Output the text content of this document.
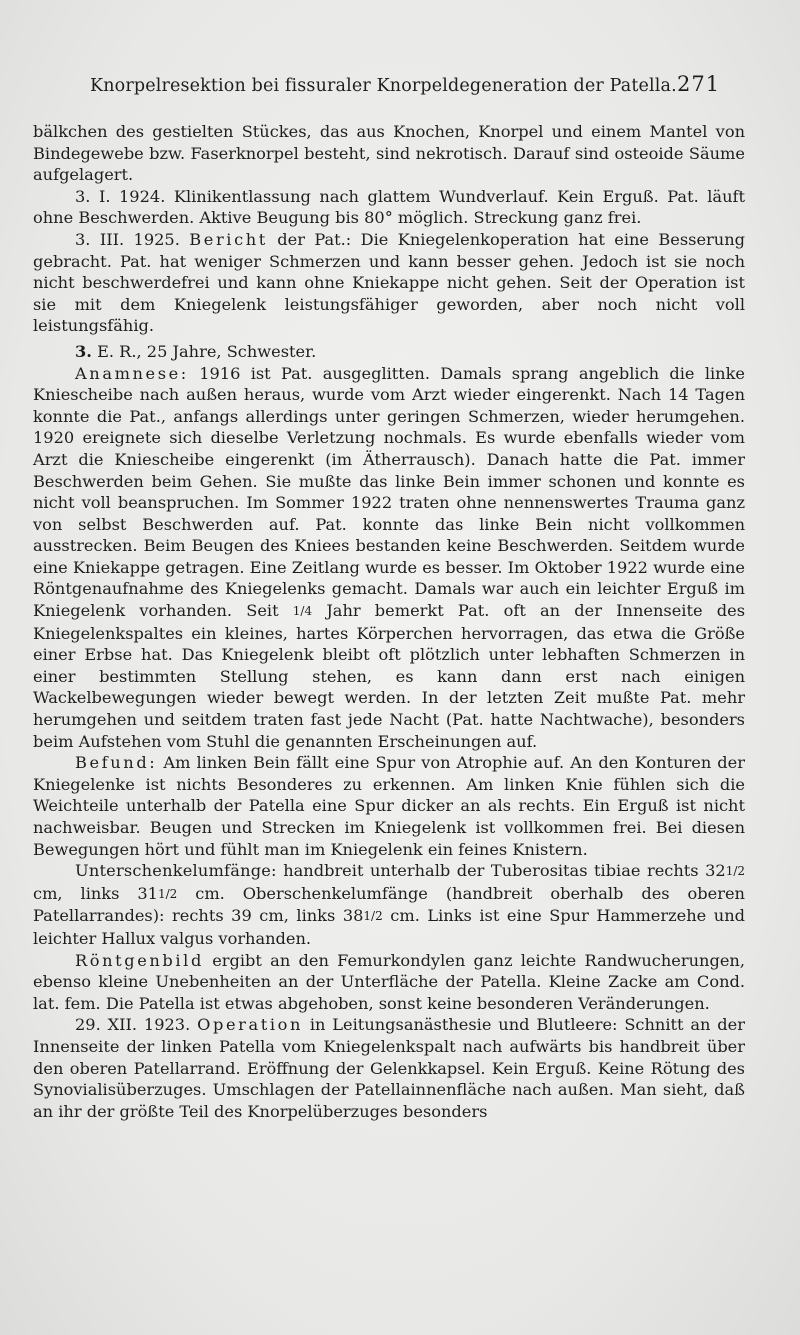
Knorpelresektion bei fissuraler Knorpeldegeneration der Patella. 271

bälkchen des gestielten Stückes, das aus Knochen, Knorpel und einem Mantel von Bindegewebe bzw. Faserknorpel besteht, sind nekrotisch. Darauf sind osteoide Säume aufgelagert.

3. I. 1924. Klinikentlassung nach glattem Wundverlauf. Kein Erguß. Pat. läuft ohne Beschwerden. Aktive Beugung bis 80° möglich. Streckung ganz frei.

3. III. 1925. Bericht der Pat.: Die Kniegelenkoperation hat eine Besserung gebracht. Pat. hat weniger Schmerzen und kann besser gehen. Jedoch ist sie noch nicht beschwerdefrei und kann ohne Kniekappe nicht gehen. Seit der Operation ist sie mit dem Kniegelenk leistungsfähiger geworden, aber noch nicht voll leistungsfähig.

3. E. R., 25 Jahre, Schwester.

Anamnese: 1916 ist Pat. ausgeglitten. Damals sprang angeblich die linke Kniescheibe nach außen heraus, wurde vom Arzt wieder eingerenkt. Nach 14 Tagen konnte die Pat., anfangs allerdings unter geringen Schmerzen, wieder herumgehen. 1920 ereignete sich dieselbe Verletzung nochmals. Es wurde ebenfalls wieder vom Arzt die Kniescheibe eingerenkt (im Ätherrausch). Danach hatte die Pat. immer Beschwerden beim Gehen. Sie mußte das linke Bein immer schonen und konnte es nicht voll beanspruchen. Im Sommer 1922 traten ohne nennenswertes Trauma ganz von selbst Beschwerden auf. Pat. konnte das linke Bein nicht vollkommen ausstrecken. Beim Beugen des Kniees bestanden keine Beschwerden. Seitdem wurde eine Kniekappe getragen. Eine Zeitlang wurde es besser. Im Oktober 1922 wurde eine Röntgenaufnahme des Kniegelenks gemacht. Damals war auch ein leichter Erguß im Kniegelenk vorhanden. Seit 1/4 Jahr bemerkt Pat. oft an der Innenseite des Kniegelenkspaltes ein kleines, hartes Körperchen hervorragen, das etwa die Größe einer Erbse hat. Das Kniegelenk bleibt oft plötzlich unter lebhaften Schmerzen in einer bestimmten Stellung stehen, es kann dann erst nach einigen Wackelbewegungen wieder bewegt werden. In der letzten Zeit mußte Pat. mehr herumgehen und seitdem traten fast jede Nacht (Pat. hatte Nachtwache), besonders beim Aufstehen vom Stuhl die genannten Erscheinungen auf.

Befund: Am linken Bein fällt eine Spur von Atrophie auf. An den Konturen der Kniegelenke ist nichts Besonderes zu erkennen. Am linken Knie fühlen sich die Weichteile unterhalb der Patella eine Spur dicker an als rechts. Ein Erguß ist nicht nachweisbar. Beugen und Strecken im Kniegelenk ist vollkommen frei. Bei diesen Bewegungen hört und fühlt man im Kniegelenk ein feines Knistern.

Unterschenkelumfänge: handbreit unterhalb der Tuberositas tibiae rechts 321/2 cm, links 311/2 cm. Oberschenkelumfänge (handbreit oberhalb des oberen Patellarrandes): rechts 39 cm, links 381/2 cm. Links ist eine Spur Hammerzehe und leichter Hallux valgus vorhanden.

Röntgenbild ergibt an den Femurkondylen ganz leichte Randwucherungen, ebenso kleine Unebenheiten an der Unterfläche der Patella. Kleine Zacke am Cond. lat. fem. Die Patella ist etwas abgehoben, sonst keine besonderen Veränderungen.

29. XII. 1923. Operation in Leitungsanästhesie und Blutleere: Schnitt an der Innenseite der linken Patella vom Kniegelenkspalt nach aufwärts bis handbreit über den oberen Patellarrand. Eröffnung der Gelenkkapsel. Kein Erguß. Keine Rötung des Synovialisüberzuges. Umschlagen der Patellainnenfläche nach außen. Man sieht, daß an ihr der größte Teil des Knorpelüberzuges besonders
